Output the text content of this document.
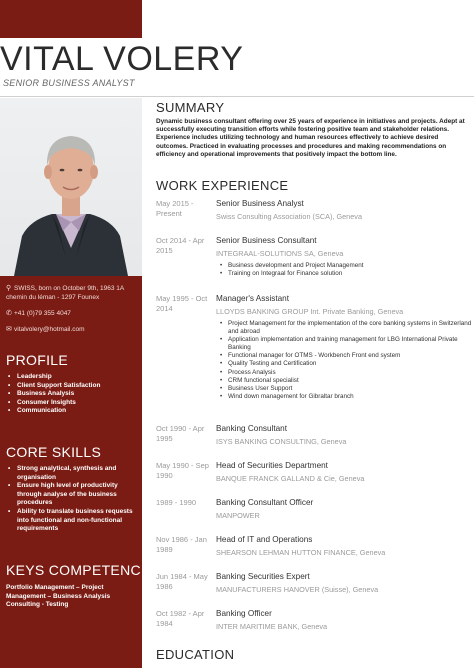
VITAL VOLERY
SENIOR BUSINESS ANALYST
⚲ SWISS, born on October 9th, 1963 1A chemin du léman - 1297 Founex
✆ +41 (0)79 355 4047
✉ vitalvolery@hotmail.com
PROFILE
• Leadership
• Client Support Satisfaction
• Business Analysis
• Consumer Insights
• Communication
CORE SKILLS
• Strong analytical, synthesis and organisation
• Ensure high level of productivity through analyse of the business procedures
• Ability to translate business requests into functional and non-functional requirements
KEYS COMPETENCIES
Portfolio Management – Project Management – Business Analysis Consulting - Testing
SUMMARY
Dynamic business consultant offering over 25 years of experience in initiatives and projects. Adept at successfully executing transition efforts while fostering positive team and stakeholder relations. Experience includes utilizing technology and human resources effectively to achieve desired outcomes. Practiced in evaluating processes and procedures and making recommendations on efficiency and operational improvements that positively impact the bottom line.
WORK EXPERIENCE
May 2015 - Present
Senior Business Analyst
Swiss Consulting Association (SCA), Geneva
Oct 2014 - Apr 2015
Senior Business Consultant
INTEGRAAL-SOLUTIONS SA, Geneva
• Business development and Project Management
• Training on Integraal for Finance solution
May 1995 - Oct 2014
Manager's Assistant
LLOYDS BANKING GROUP Int. Private Banking, Geneva
• Project Management for the implementation of the core banking systems in Switzerland and abroad
• Application implementation and training management for LBG International Private Banking
• Functional manager for OTMS - Workbench Front end system
• Quality Testing and Certification
• Process Analysis
• CRM functional specialist
• Business User Support
• Wind down management for Gibraltar branch
Oct 1990 - Apr 1995
Banking Consultant
ISYS BANKING CONSULTING, Geneva
May 1990 - Sep 1990
Head of Securities Department
BANQUE FRANCK GALLAND & Cie, Geneva
1989 - 1990	Banking Consultant Officer
MANPOWER
Nov 1986 - Jan 1989
Head of IT and Operations
SHEARSON LEHMAN HUTTON FINANCE, Geneva
Jun 1984 - May 1986
Banking Securities Expert
MANUFACTURERS HANOVER (Suisse), Geneva
Oct 1982 - Apr 1984
Banking Officer
INTER MARITIME BANK, Geneva
EDUCATION
